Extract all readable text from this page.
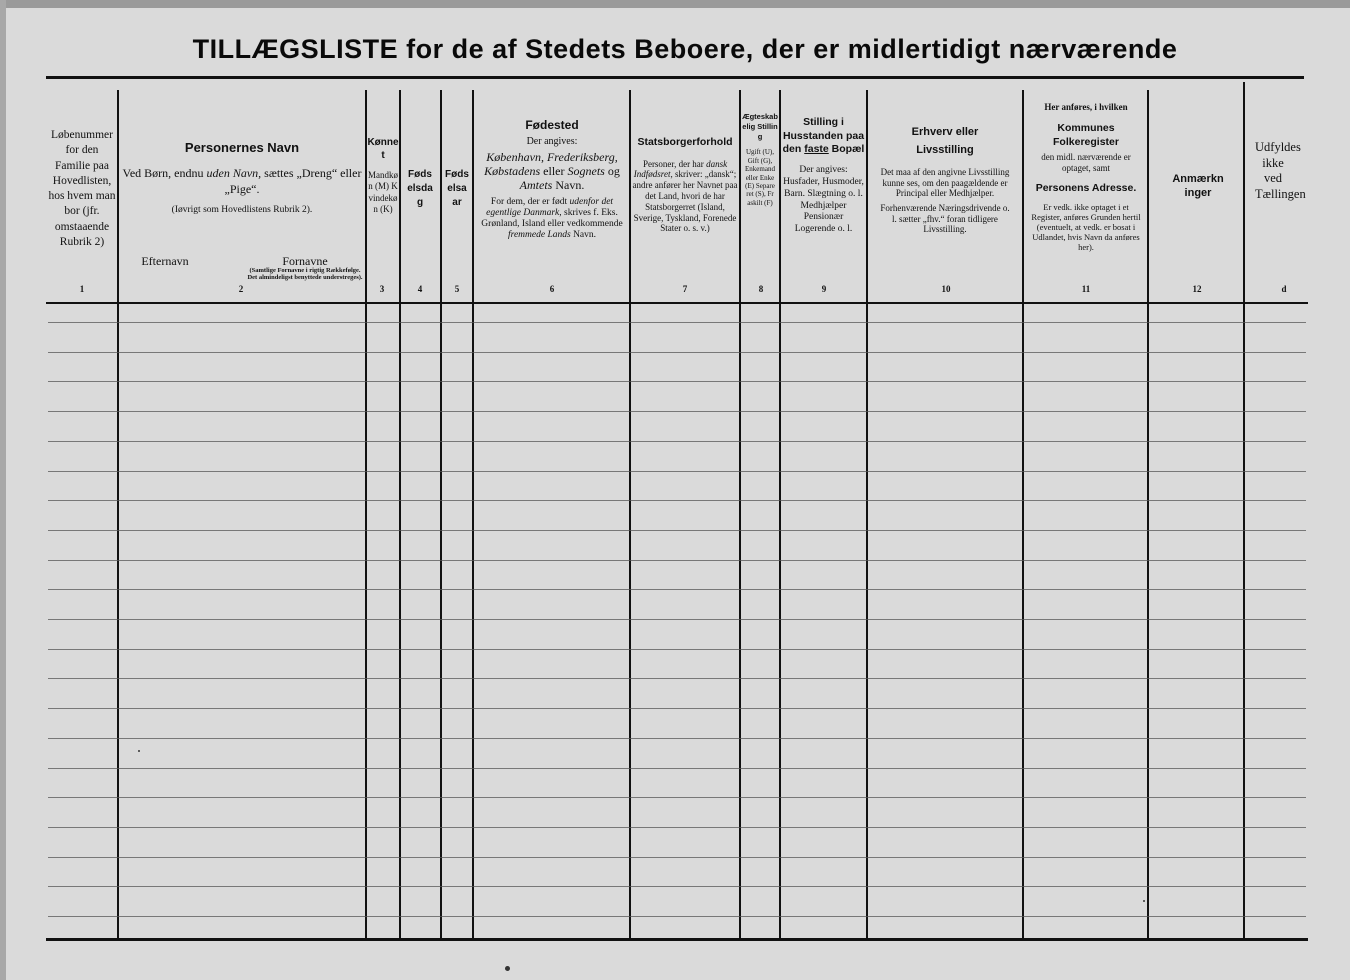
TILLÆGSLISTE for de af Stedets Beboere, der er midlertidigt nærværende
Løbenummer for den Familie paa Hovedlisten, hos hvem man bor (jfr. omstaaende Rubrik 2)
Personernes Navn
Ved Børn, endnu uden Navn, sættes „Dreng“ eller „Pige“.
(Iøvrigt som Hovedlistens Rubrik 2).
Efternavn	Fornavne
(Samtlige Fornavne i rigtig Rækkefølge. Det almindeligst benyttede understreges).
Kønnet
Mandkøn (M) Kvindekøn (K)
Fødselsdag
Fødselsaar
Fødested
Der angives:
København, Frederiksberg, Købstadens eller Sognets og Amtets Navn.
For dem, der er født udenfor det egentlige Danmark, skrives f. Eks. Grønland, Island eller vedkommende fremmede Lands Navn.
Statsborgerforhold
Personer, der har dansk Indfødsret, skriver: „dansk“; andre anfører her Navnet paa det Land, hvori de har Statsborgerret (Island, Sverige, Tyskland, Forenede Stater o. s. v.)
Ægteskabelig Stilling
Ugift (U), Gift (G), Enkemand eller Enke (E) Separeret (S), Fraskilt (F)
Stilling i Husstanden paa den faste Bopæl
Der angives: Husfader, Husmoder, Barn. Slægtning o. l. Medhjælper Pensionær Logerende o. l.
Erhverv eller Livsstilling
Det maa af den angivne Livsstilling kunne ses, om den paagældende er Principal eller Medhjælper.
Forhenværende Næringsdrivende o. l. sætter „fhv.“ foran tidligere Livsstilling.
Her anføres, i hvilken
Kommunes Folkeregister
den midl. nærværende er optaget, samt
Personens Adresse.
Er vedk. ikke optaget i et Register, anføres Grunden hertil (eventuelt, at vedk. er bosat i Udlandet, hvis Navn da anføres her).
Anmærkninger
Udfyldes ikke ved Tællingen
1	2	3	4	5	6	7	8	9	10	11	12	d
